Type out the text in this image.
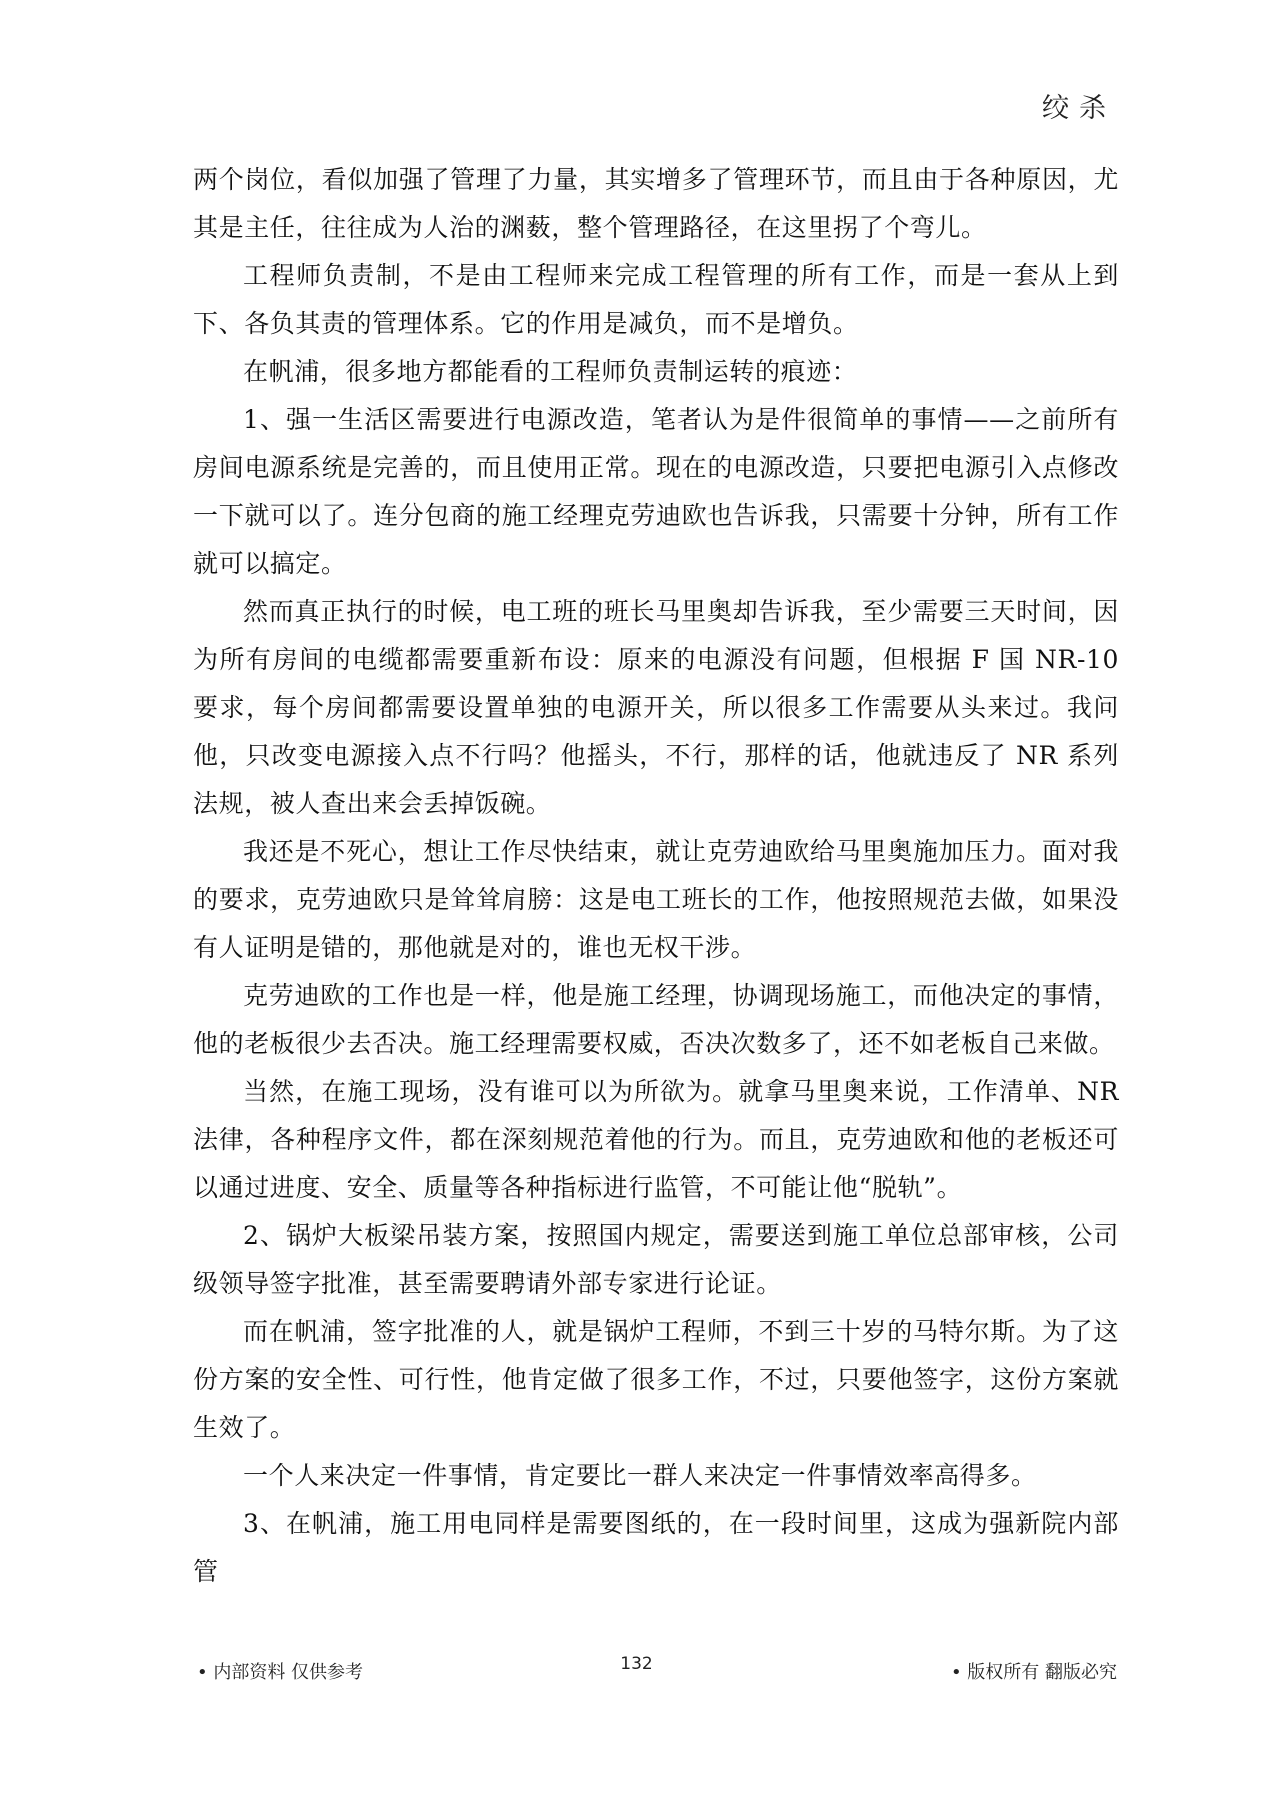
绞杀

两个岗位，看似加强了管理了力量，其实增多了管理环节，而且由于各种原因，尤其是主任，往往成为人治的渊薮，整个管理路径，在这里拐了个弯儿。

工程师负责制，不是由工程师来完成工程管理的所有工作，而是一套从上到下、各负其责的管理体系。它的作用是减负，而不是增负。

在帆浦，很多地方都能看的工程师负责制运转的痕迹：

1、强一生活区需要进行电源改造，笔者认为是件很简单的事情——之前所有房间电源系统是完善的，而且使用正常。现在的电源改造，只要把电源引入点修改一下就可以了。连分包商的施工经理克劳迪欧也告诉我，只需要十分钟，所有工作就可以搞定。

然而真正执行的时候，电工班的班长马里奥却告诉我，至少需要三天时间，因为所有房间的电缆都需要重新布设：原来的电源没有问题，但根据 F 国 NR-10 要求，每个房间都需要设置单独的电源开关，所以很多工作需要从头来过。我问他，只改变电源接入点不行吗？他摇头，不行，那样的话，他就违反了 NR 系列法规，被人查出来会丢掉饭碗。

我还是不死心，想让工作尽快结束，就让克劳迪欧给马里奥施加压力。面对我的要求，克劳迪欧只是耸耸肩膀：这是电工班长的工作，他按照规范去做，如果没有人证明是错的，那他就是对的，谁也无权干涉。

克劳迪欧的工作也是一样，他是施工经理，协调现场施工，而他决定的事情，他的老板很少去否决。施工经理需要权威，否决次数多了，还不如老板自己来做。

当然，在施工现场，没有谁可以为所欲为。就拿马里奥来说，工作清单、NR 法律，各种程序文件，都在深刻规范着他的行为。而且，克劳迪欧和他的老板还可以通过进度、安全、质量等各种指标进行监管，不可能让他“脱轨”。

2、锅炉大板梁吊装方案，按照国内规定，需要送到施工单位总部审核，公司级领导签字批准，甚至需要聘请外部专家进行论证。

而在帆浦，签字批准的人，就是锅炉工程师，不到三十岁的马特尔斯。为了这份方案的安全性、可行性，他肯定做了很多工作，不过，只要他签字，这份方案就生效了。

一个人来决定一件事情，肯定要比一群人来决定一件事情效率高得多。

3、在帆浦，施工用电同样是需要图纸的，在一段时间里，这成为强新院内部管

• 内部资料 仅供参考	132	• 版权所有 翻版必究
